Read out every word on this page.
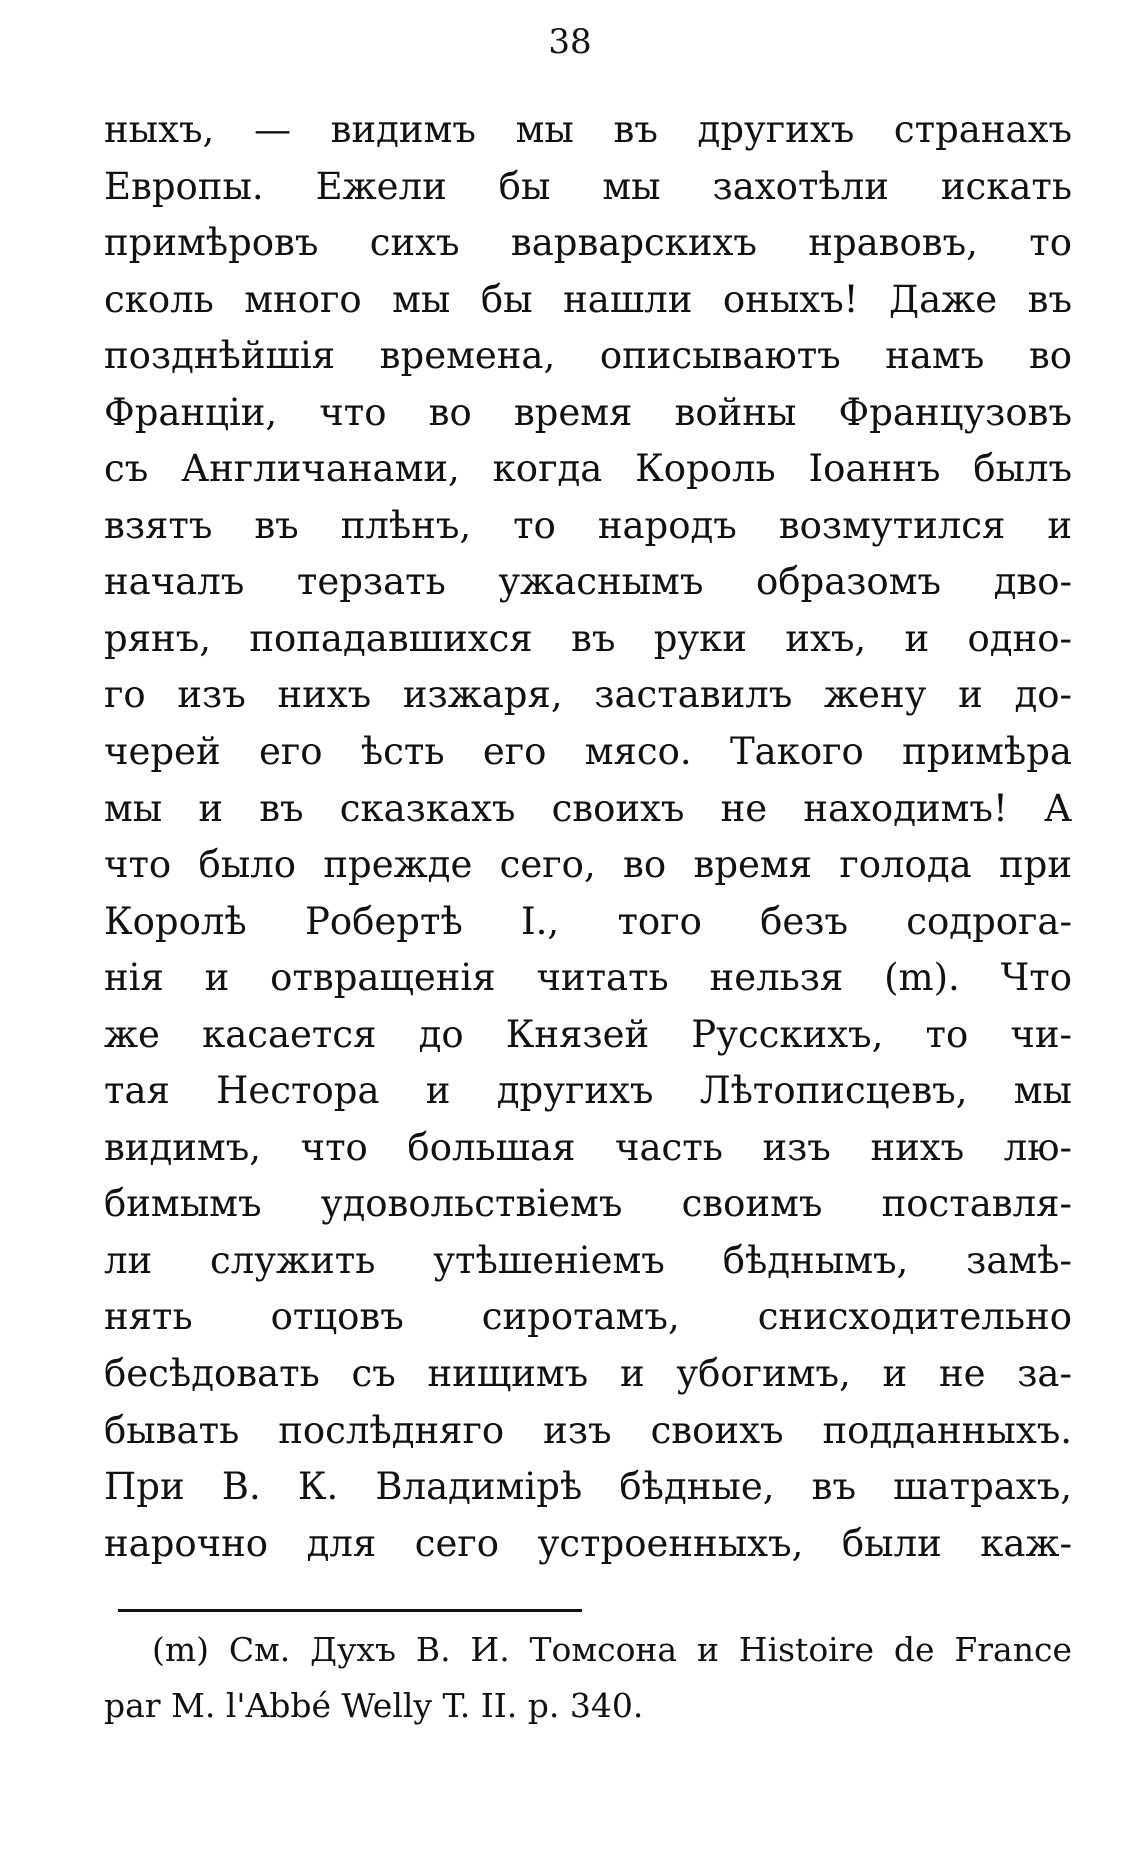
38
ныхъ, — видимъ мы въ другихъ странахъ
Европы. Ежели бы мы захотѣли искать
примѣровъ сихъ варварскихъ нравовъ, то
сколь много мы бы нашли оныхъ! Даже въ
позднѣйшія времена, описываютъ намъ во
Франціи, что во время войны Французовъ
съ Англичанами, когда Король Іоаннъ былъ
взятъ въ плѣнъ, то народъ возмутился и
началъ терзать ужаснымъ образомъ дво-
рянъ, попадавшихся въ руки ихъ, и одно-
го изъ нихъ изжаря, заставилъ жену и до-
черей его ѣсть его мясо. Такого примѣра
мы и въ сказкахъ своихъ не находимъ! А
что было прежде сего, во время голода при
Королѣ Робертѣ I., того безъ содрога-
нія и отвращенія читать нельзя (m). Что
же касается до Князей Русскихъ, то чи-
тая Нестора и другихъ Лѣтописцевъ, мы
видимъ, что большая часть изъ нихъ лю-
бимымъ удовольствіемъ своимъ поставля-
ли служить утѣшеніемъ бѣднымъ, замѣ-
нять отцовъ сиротамъ, снисходительно
бесѣдовать съ нищимъ и убогимъ, и не за-
бывать послѣдняго изъ своихъ подданныхъ.
При В. К. Владимірѣ бѣдные, въ шатрахъ,
нарочно для сего устроенныхъ, были каж-
(m) См. Духъ В. И. Томсона и Histoire de France
par M. l'Abbé Welly T. II. p. 340.
